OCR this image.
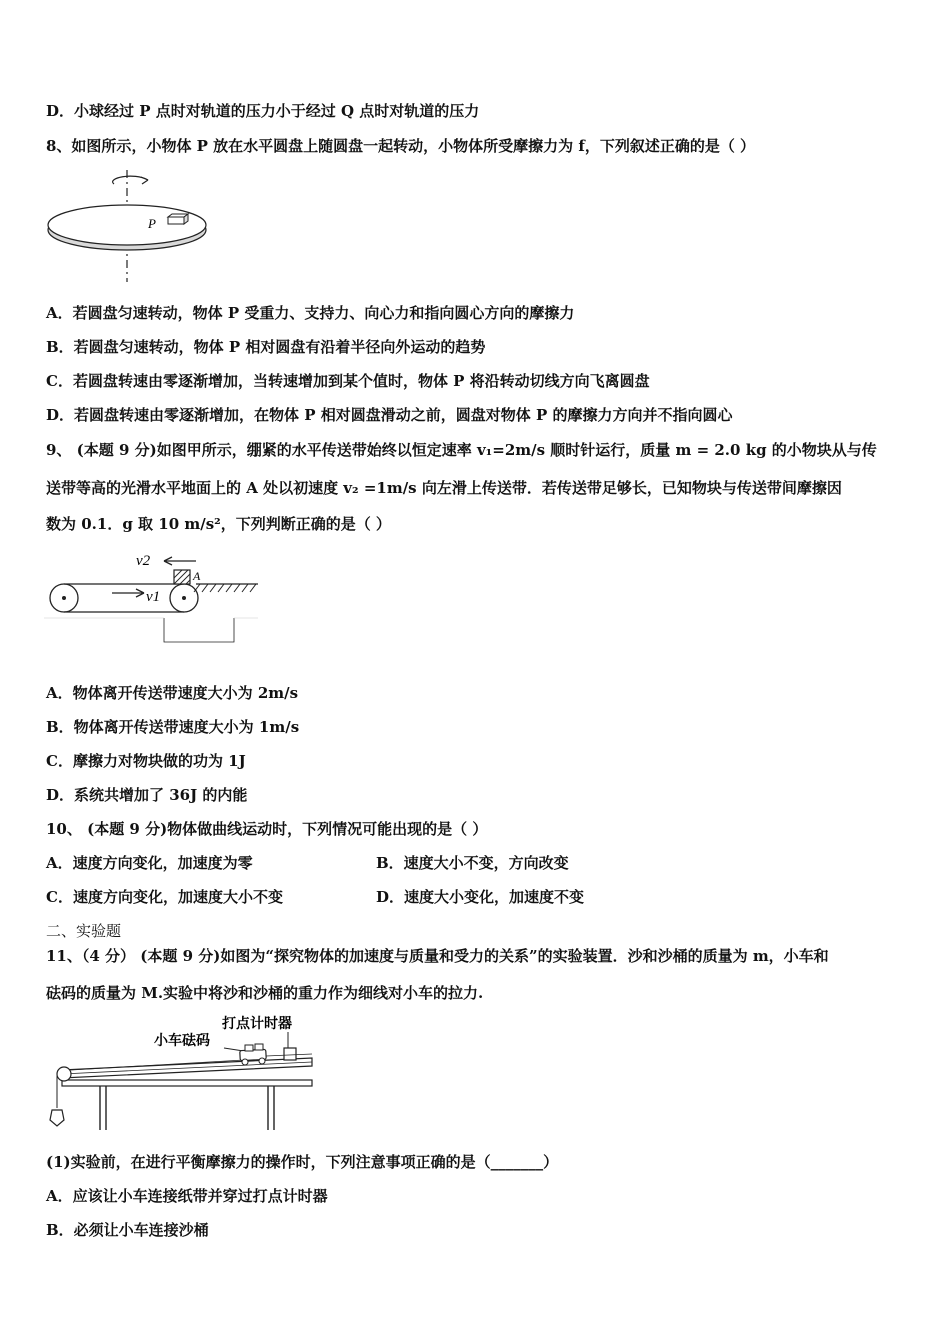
D．小球经过 P 点时对轨道的压力小于经过 Q 点时对轨道的压力
8、如图所示，小物体 P 放在水平圆盘上随圆盘一起转动，小物体所受摩擦力为 f，下列叙述正确的是（ ）
P
A．若圆盘匀速转动，物体 P 受重力、支持力、向心力和指向圆心方向的摩擦力
B．若圆盘匀速转动，物体 P 相对圆盘有沿着半径向外运动的趋势
C．若圆盘转速由零逐渐增加，当转速增加到某个值时，物体 P 将沿转动切线方向飞离圆盘
D．若圆盘转速由零逐渐增加，在物体 P 相对圆盘滑动之前，圆盘对物体 P 的摩擦力方向并不指向圆心
9、 (本题 9 分)如图甲所示，绷紧的水平传送带始终以恒定速率 v₁=2m/s 顺时针运行，质量 m = 2.0 kg 的小物块从与传
送带等高的光滑水平地面上的 A 处以初速度 v₂ =1m/s 向左滑上传送带．若传送带足够长，已知物块与传送带间摩擦因
数为 0.1．g 取 10 m/s²，下列判断正确的是（ ）
A
v2
v1
A．物体离开传送带速度大小为 2m/s
B．物体离开传送带速度大小为 1m/s
C．摩擦力对物块做的功为 1J
D．系统共增加了 36J 的内能
10、 (本题 9 分)物体做曲线运动时，下列情况可能出现的是（ ）
A．速度方向变化，加速度为零	B．速度大小不变，方向改变
C．速度方向变化，加速度大小不变	D．速度大小变化，加速度不变
二、实验题
11、（4 分） (本题 9 分)如图为“探究物体的加速度与质量和受力的关系”的实验装置．沙和沙桶的质量为 m，小车和
砝码的质量为 M.实验中将沙和沙桶的重力作为细线对小车的拉力.
打点计时器
小车砝码
(1)实验前，在进行平衡摩擦力的操作时，下列注意事项正确的是（_______）
A．应该让小车连接纸带并穿过打点计时器
B．必须让小车连接沙桶
